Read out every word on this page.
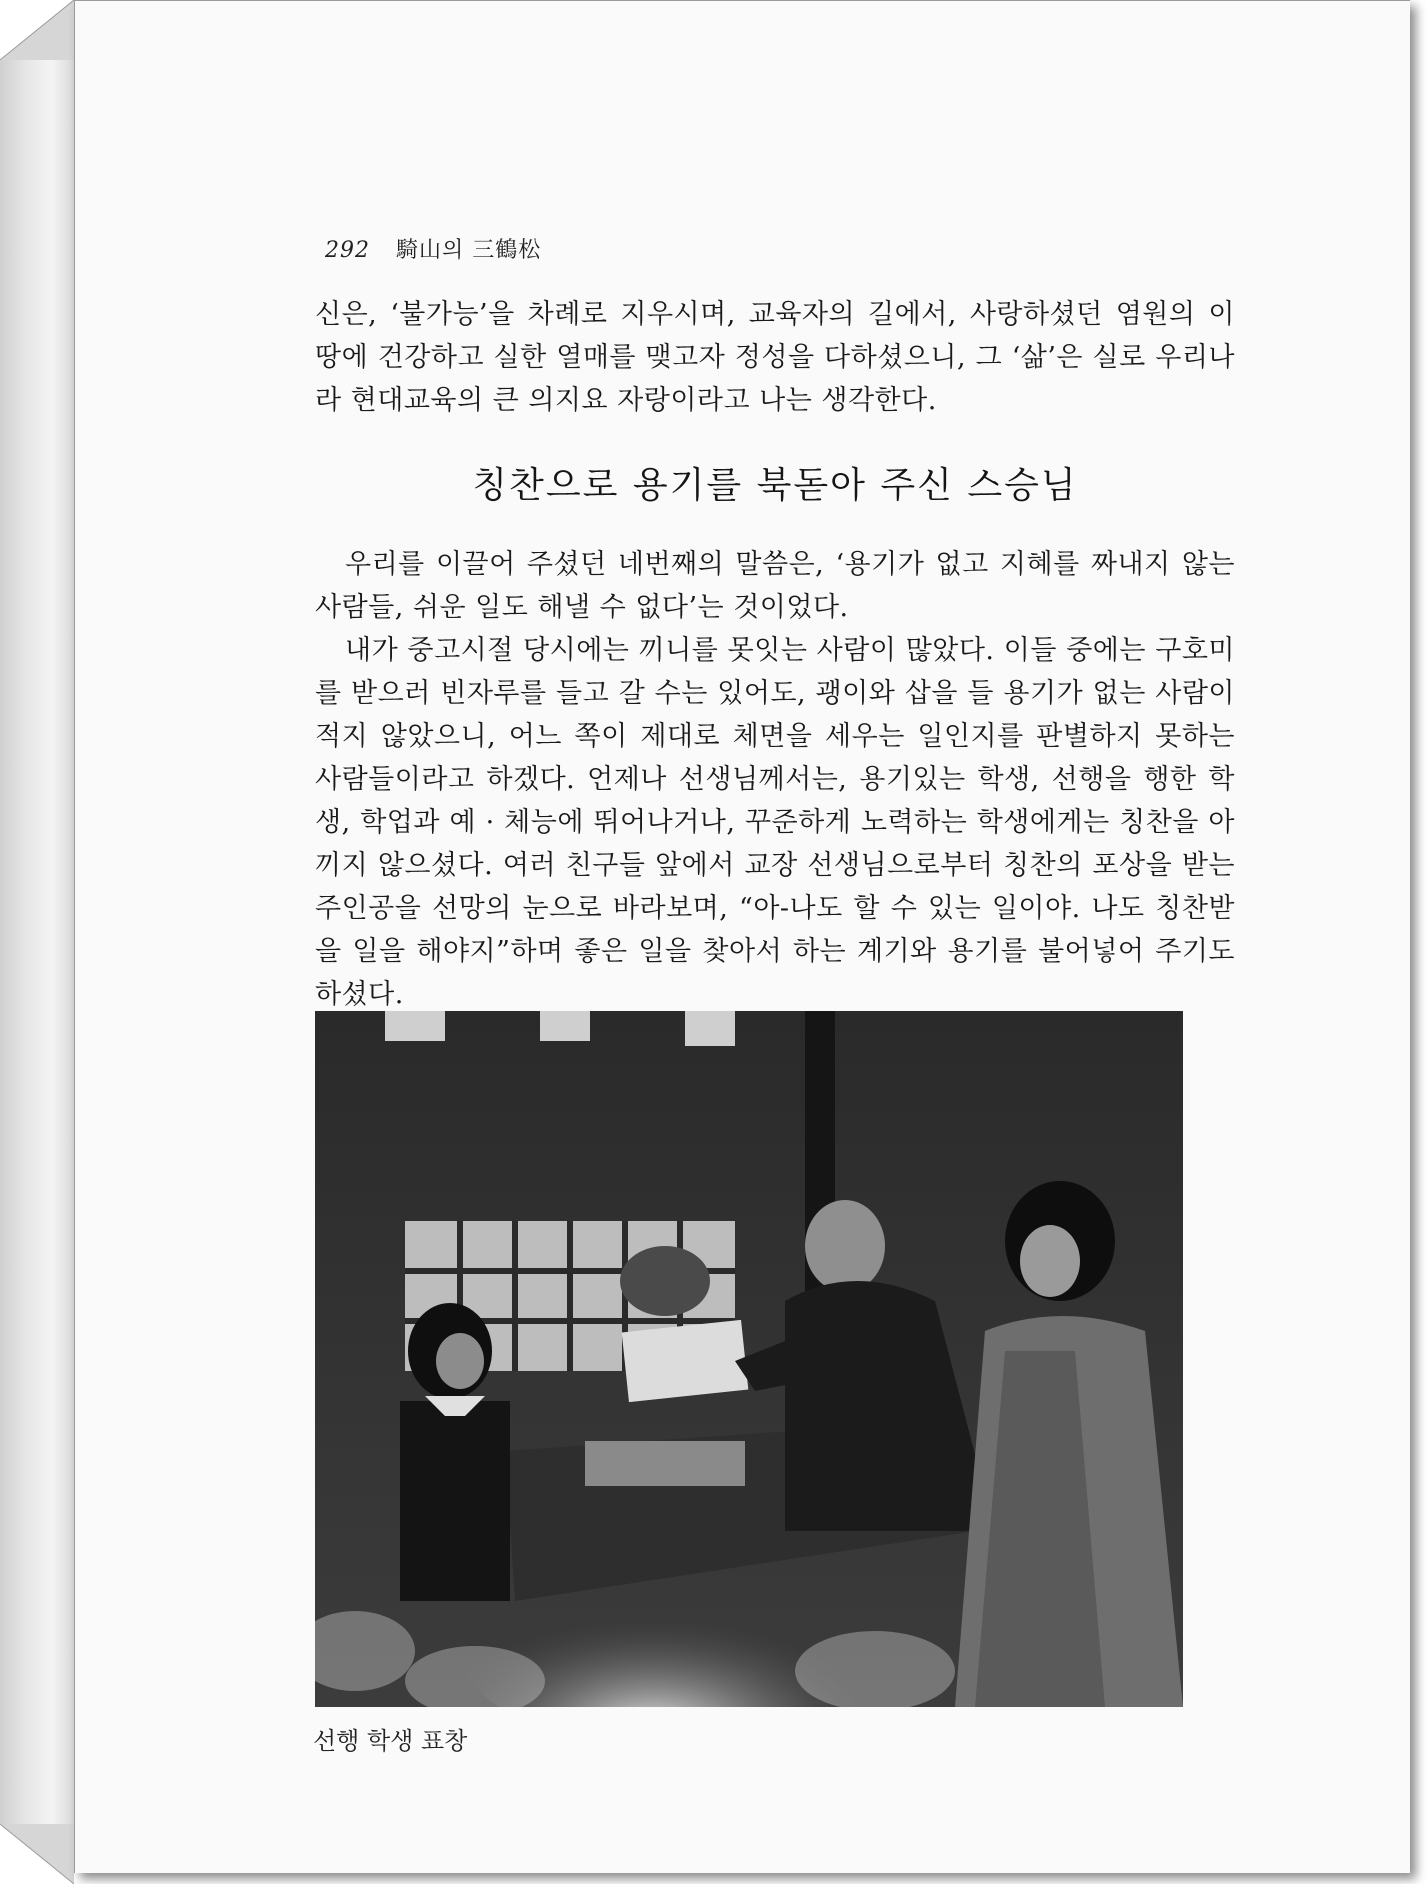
292 騎山의 三鶴松

신은, ‘불가능’을 차례로 지우시며, 교육자의 길에서, 사랑하셨던 염원의 이 땅에 건강하고 실한 열매를 맺고자 정성을 다하셨으니, 그 ‘삶’은 실로 우리나라 현대교육의 큰 의지요 자랑이라고 나는 생각한다.

칭찬으로 용기를 북돋아 주신 스승님

우리를 이끌어 주셨던 네번째의 말씀은, ‘용기가 없고 지혜를 짜내지 않는 사람들, 쉬운 일도 해낼 수 없다’는 것이었다.

내가 중고시절 당시에는 끼니를 못잇는 사람이 많았다. 이들 중에는 구호미를 받으러 빈자루를 들고 갈 수는 있어도, 괭이와 삽을 들 용기가 없는 사람이 적지 않았으니, 어느 쪽이 제대로 체면을 세우는 일인지를 판별하지 못하는 사람들이라고 하겠다. 언제나 선생님께서는, 용기있는 학생, 선행을 행한 학생, 학업과 예 · 체능에 뛰어나거나, 꾸준하게 노력하는 학생에게는 칭찬을 아끼지 않으셨다. 여러 친구들 앞에서 교장 선생님으로부터 칭찬의 포상을 받는 주인공을 선망의 눈으로 바라보며, “아-나도 할 수 있는 일이야. 나도 칭찬받을 일을 해야지”하며 좋은 일을 찾아서 하는 계기와 용기를 불어넣어 주기도 하셨다.

선행 학생 표창
